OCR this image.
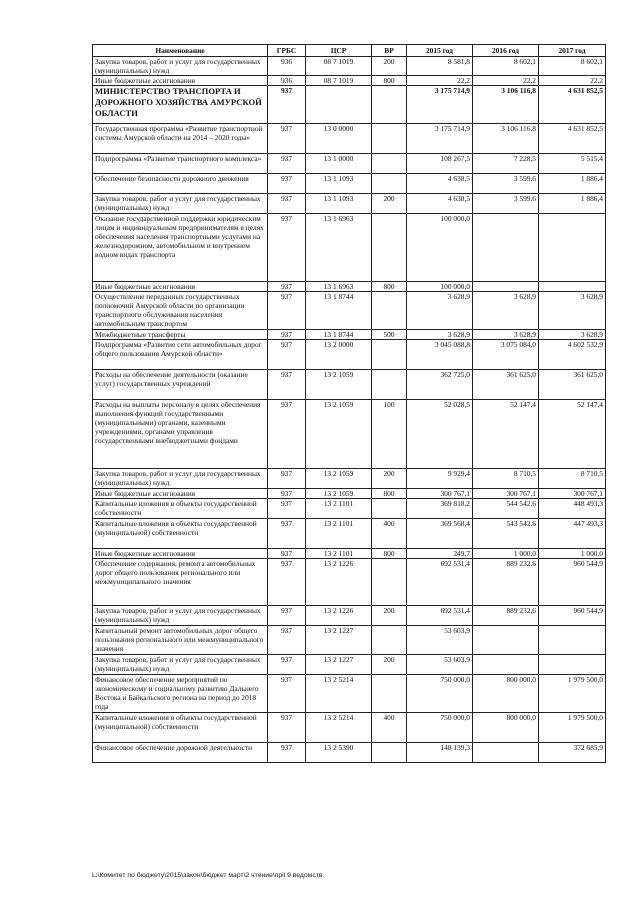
Наименование	ГРБС	ЦСР	ВР	2015 год	2016 год	2017 год
Закупка товаров, работ и услуг для государственных (муниципальных) нужд	936	08 7 1019	200	8 581,8	8 602,1	8 602,1
Иные бюджетные ассигнования	936	08 7 1019	800	22,2	22,2	22,2
МИНИСТЕРСТВО ТРАНСПОРТА И ДОРОЖНОГО ХОЗЯЙСТВА АМУРСКОЙ ОБЛАСТИ	937			3 175 714,9	3 106 116,8	4 631 852,5
Государственная программа «Развитие транспортной системы Амурской области на 2014 – 2020 годы»	937	13 0 0000		3 175 714,9	3 106 116,8	4 631 852,5
Подпрограмма «Развитие транспортного комплекса»	937	13 1 0000		108 267,5	7 228,5	5 515,4
Обеспечение безопасности дорожного движения	937	13 1 1093		4 638,5	3 599,6	1 886,4
Закупка товаров, работ и услуг для государственных (муниципальных) нужд	937	13 1 1093	200	4 638,5	3 599,6	1 886,4
Оказание государственной поддержки юридическим лицам и индивидуальным предпринимателям в целях обеспечения населения транспортными услугами на железнодорожном, автомобильном и внутреннем водном видах транспорта	937	13 1 6963		100 000,0		
Иные бюджетные ассигнования	937	13 1 6963	800	100 000,0		
Осуществление переданных государственных полномочий Амурской области по организации транспортного обслуживания населения автомобильным транспортом	937	13 1 8744		3 628,9	3 628,9	3 628,9
Межбюджетные трансферты	937	13 1 8744	500	3 628,9	3 628,9	3 628,9
Подпрограмма «Развитие сети автомобильных дорог общего пользования Амурской области»	937	13 2 0000		3 045 088,8	3 075 084,0	4 602 532,9
Расходы на обеспечение деятельности (оказание услуг) государственных учреждений	937	13 2 1059		362 725,0	361 625,0	361 625,0
Расходы на выплаты персоналу в целях обеспечения выполнения функций государственными (муниципальными) органами, казенными учреждениями, органами управления государственными внебюджетными фондами	937	13 2 1059	100	52 028,5	52 147,4	52 147,4
Закупка товаров, работ и услуг для государственных (муниципальных) нужд	937	13 2 1059	200	9 929,4	8 710,5	8 710,5
Иные бюджетные ассигнования	937	13 2 1059	800	300 767,1	300 767,1	300 767,1
Капитальные вложения в объекты государственной собственности	937	13 2 1101		369 818,2	544 542,6	448 493,3
Капитальные вложения в объекты государственной (муниципальной) собственности	937	13 2 1101	400	369 568,4	543 542,6	447 493,3
Иные бюджетные ассигнования	937	13 2 1101	800	249,7	1 000,0	1 000,0
Обеспечение содержания, ремонта автомобильных дорог общего пользования регионального или межмуниципального значения	937	13 2 1226		692 531,4	889 232,6	960 544,9
Закупка товаров, работ и услуг для государственных (муниципальных) нужд	937	13 2 1226	200	692 531,4	889 232,6	960 544,9
Капитальный ремонт автомобильных дорог общего пользования регионального или межмуниципального значения	937	13 2 1227		53 603,9		
Закупка товаров, работ и услуг для государственных (муниципальных) нужд	937	13 2 1227	200	53 603,9		
Финансовое обеспечение мероприятий по экономическому и социальному развитию Дальнего Востока и Байкальского региона на период до 2018 года	937	13 2 5214		750 000,0	800 000,0	1 979 500,0
Капитальные вложения в объекты государственной (муниципальной) собственности	937	13 2 5214	400	750 000,0	800 000,0	1 979 500,0
Финансовое обеспечение дорожной деятельности	937	13 2 5390		148 139,3		372 685,9
L:\Комитет по бюджету\2015\закон\бюджет март\2 чтение\прil 9 ведомств.
